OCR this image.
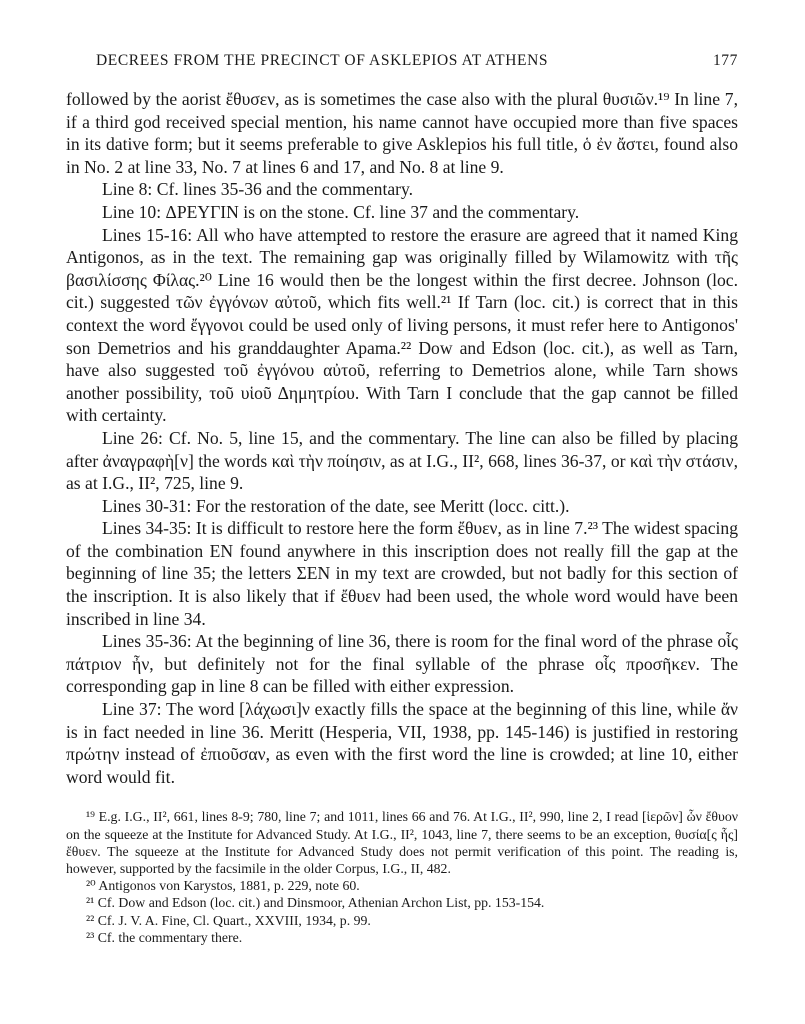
DECREES FROM THE PRECINCT OF ASKLEPIOS AT ATHENS	177

followed by the aorist ἔθυσεν, as is sometimes the case also with the plural θυσιῶν.¹⁹ In line 7, if a third god received special mention, his name cannot have occupied more than five spaces in its dative form; but it seems preferable to give Asklepios his full title, ὁ ἐν ἄστει, found also in No. 2 at line 33, No. 7 at lines 6 and 17, and No. 8 at line 9.

Line 8: Cf. lines 35-36 and the commentary.

Line 10: ΔΡΕΥΓΙΝ is on the stone. Cf. line 37 and the commentary.

Lines 15-16: All who have attempted to restore the erasure are agreed that it named King Antigonos, as in the text. The remaining gap was originally filled by Wilamowitz with τῆς βασιλίσσης Φίλας.²⁰ Line 16 would then be the longest within the first decree. Johnson (loc. cit.) suggested τῶν ἐγγόνων αὐτοῦ, which fits well.²¹ If Tarn (loc. cit.) is correct that in this context the word ἔγγονοι could be used only of living persons, it must refer here to Antigonos' son Demetrios and his granddaughter Apama.²² Dow and Edson (loc. cit.), as well as Tarn, have also suggested τοῦ ἐγγόνου αὐτοῦ, referring to Demetrios alone, while Tarn shows another possibility, τοῦ υἱοῦ Δημητρίου. With Tarn I conclude that the gap cannot be filled with certainty.

Line 26: Cf. No. 5, line 15, and the commentary. The line can also be filled by placing after ἀναγραφὴ[ν] the words καὶ τὴν ποίησιν, as at I.G., II², 668, lines 36-37, or καὶ τὴν στάσιν, as at I.G., II², 725, line 9.

Lines 30-31: For the restoration of the date, see Meritt (locc. citt.).

Lines 34-35: It is difficult to restore here the form ἔθυεν, as in line 7.²³ The widest spacing of the combination ΕΝ found anywhere in this inscription does not really fill the gap at the beginning of line 35; the letters ΣΕΝ in my text are crowded, but not badly for this section of the inscription. It is also likely that if ἔθυεν had been used, the whole word would have been inscribed in line 34.

Lines 35-36: At the beginning of line 36, there is room for the final word of the phrase οἷς πάτριον ἦν, but definitely not for the final syllable of the phrase οἷς προσῆκεν. The corresponding gap in line 8 can be filled with either expression.

Line 37: The word [λάχωσι]ν exactly fills the space at the beginning of this line, while ἄν is in fact needed in line 36. Meritt (Hesperia, VII, 1938, pp. 145-146) is justified in restoring πρώτην instead of ἐπιοῦσαν, as even with the first word the line is crowded; at line 10, either word would fit.

¹⁹ E.g. I.G., II², 661, lines 8-9; 780, line 7; and 1011, lines 66 and 76. At I.G., II², 990, line 2, I read [ἱερῶν] ὧν ἔθυον on the squeeze at the Institute for Advanced Study. At I.G., II², 1043, line 7, there seems to be an exception, θυσία[ς ἧς] ἔθυεν. The squeeze at the Institute for Advanced Study does not permit verification of this point. The reading is, however, supported by the facsimile in the older Corpus, I.G., II, 482.

²⁰ Antigonos von Karystos, 1881, p. 229, note 60.

²¹ Cf. Dow and Edson (loc. cit.) and Dinsmoor, Athenian Archon List, pp. 153-154.

²² Cf. J. V. A. Fine, Cl. Quart., XXVIII, 1934, p. 99.

²³ Cf. the commentary there.
